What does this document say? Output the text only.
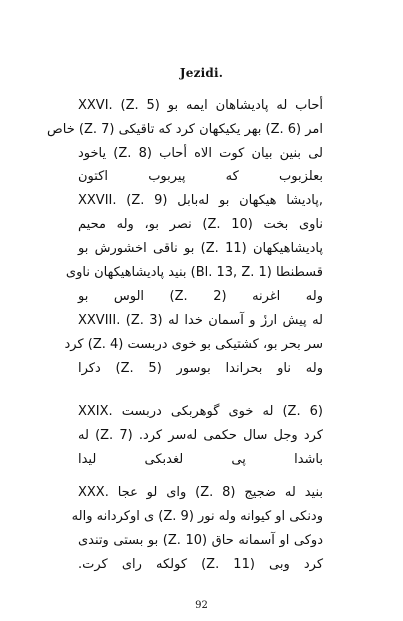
Jezidi.
XXVI. (Z. 5) أحاب له پادیشاهان ایمه بو
امر (Z. 6) بهر یکیکهان کرد که تاقیکی (Z. 7) خاص
لی بنین بیان کوت الاه أحاب (Z. 8) یاخود
بعلزبوب که پیربوب اکتون
XXVII. (Z. 9) پادیشا هیکهان بو لەبابل,
ناوی بخت (Z. 10) نصر بو، وله محیم
پادیشاهیکهان (Z. 11) بو ناقی اخشورش بو
قسطنطا (Bl. 13, Z. 1) بنید پادیشاهیکهان ناوی
وله اغرنه (Z. 2) الوس بو
XXVIII. (Z. 3) له پیش ارزٔ و آسمان خدا له
سر بحر بو، کشتیکی بو خوی دربست (Z. 4) کرد
وله ناو بحراندا بوسور (Z. 5) دکرا
XXIX. له خوی گوهربکی دربست (Z. 6)
کرد وجل سال حکمی لەسر کرد. (Z. 7) له
باشدا پی لغدبکی لیدا
XXX. وای لو عجا (Z. 8) بنید له ضجیج
ودنکی او کیوانه وله نور (Z. 9) ی اوکردانه واله
دوکی او آسمانه حاق (Z. 10) بو بستی وتندی
کرد وبی (Z. 11) کولکه رای کرت.
92
